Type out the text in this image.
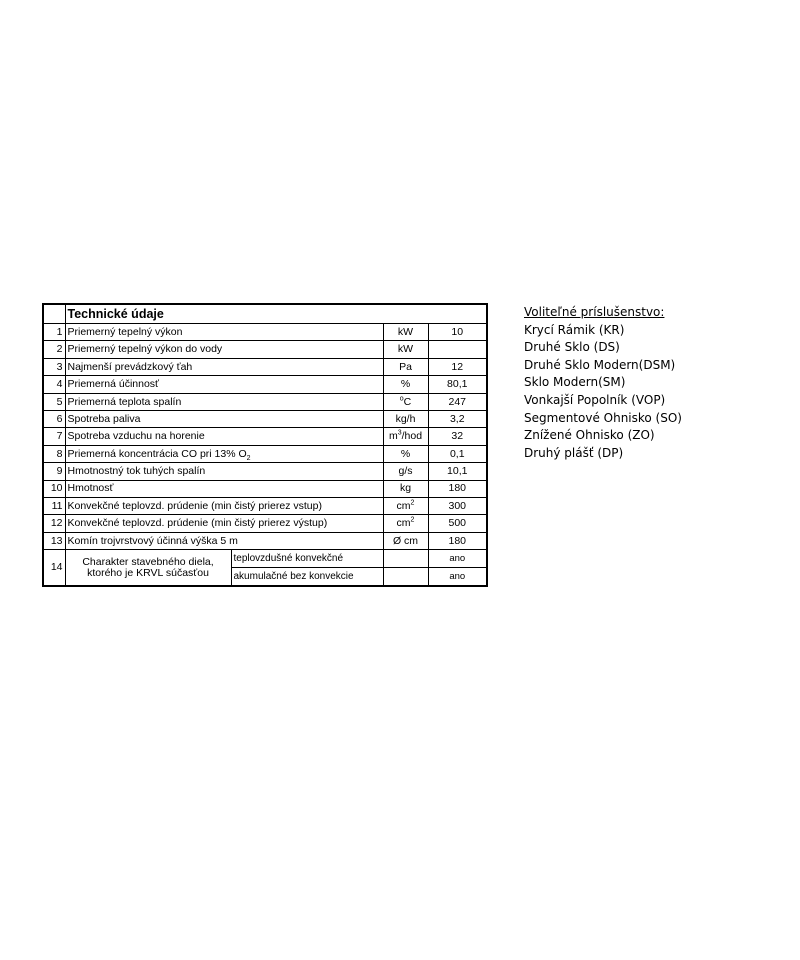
	Technické údaje			
1	Priemerný tepelný výkon		kW	10
2	Priemerný tepelný výkon do vody		kW	
3	Najmenší prevádzkový ťah		Pa	12
4	Priemerná účinnosť		%	80,1
5	Priemerná teplota spalín		$^o$C	247
6	Spotreba paliva		kg/h	3,2
7	Spotreba vzduchu na horenie		$m^3$/hod	32
8	Priemerná koncentrácia CO pri 13% $O_2$		%	0,1
9	Hmotnostný tok tuhých spalín		g/s	10,1
10	Hmotnosť		kg	180
11	Konvekčné teplovzd. prúdenie (min čistý prierez vstup)		$cm^2$	300
12	Konvekčné teplovzd. prúdenie (min čistý prierez výstup)		$cm^2$	500
13	Komín trojvrstvový účinná výška 5 m		Ø cm	180
14	Charakter stavebného diela,
ktorého je KRVL súčasťou	teplovzdušné konvekčné		ano
		akumulačné bez konvekcie		ano
Voliteľné príslušenstvo:
Krycí Rámik (KR)
Druhé Sklo (DS)
Druhé Sklo Modern(DSM)
Sklo Modern(SM)
Vonkajší Popolník (VOP)
Segmentové Ohnisko (SO)
Znížené Ohnisko (ZO)
Druhý plášť (DP)
